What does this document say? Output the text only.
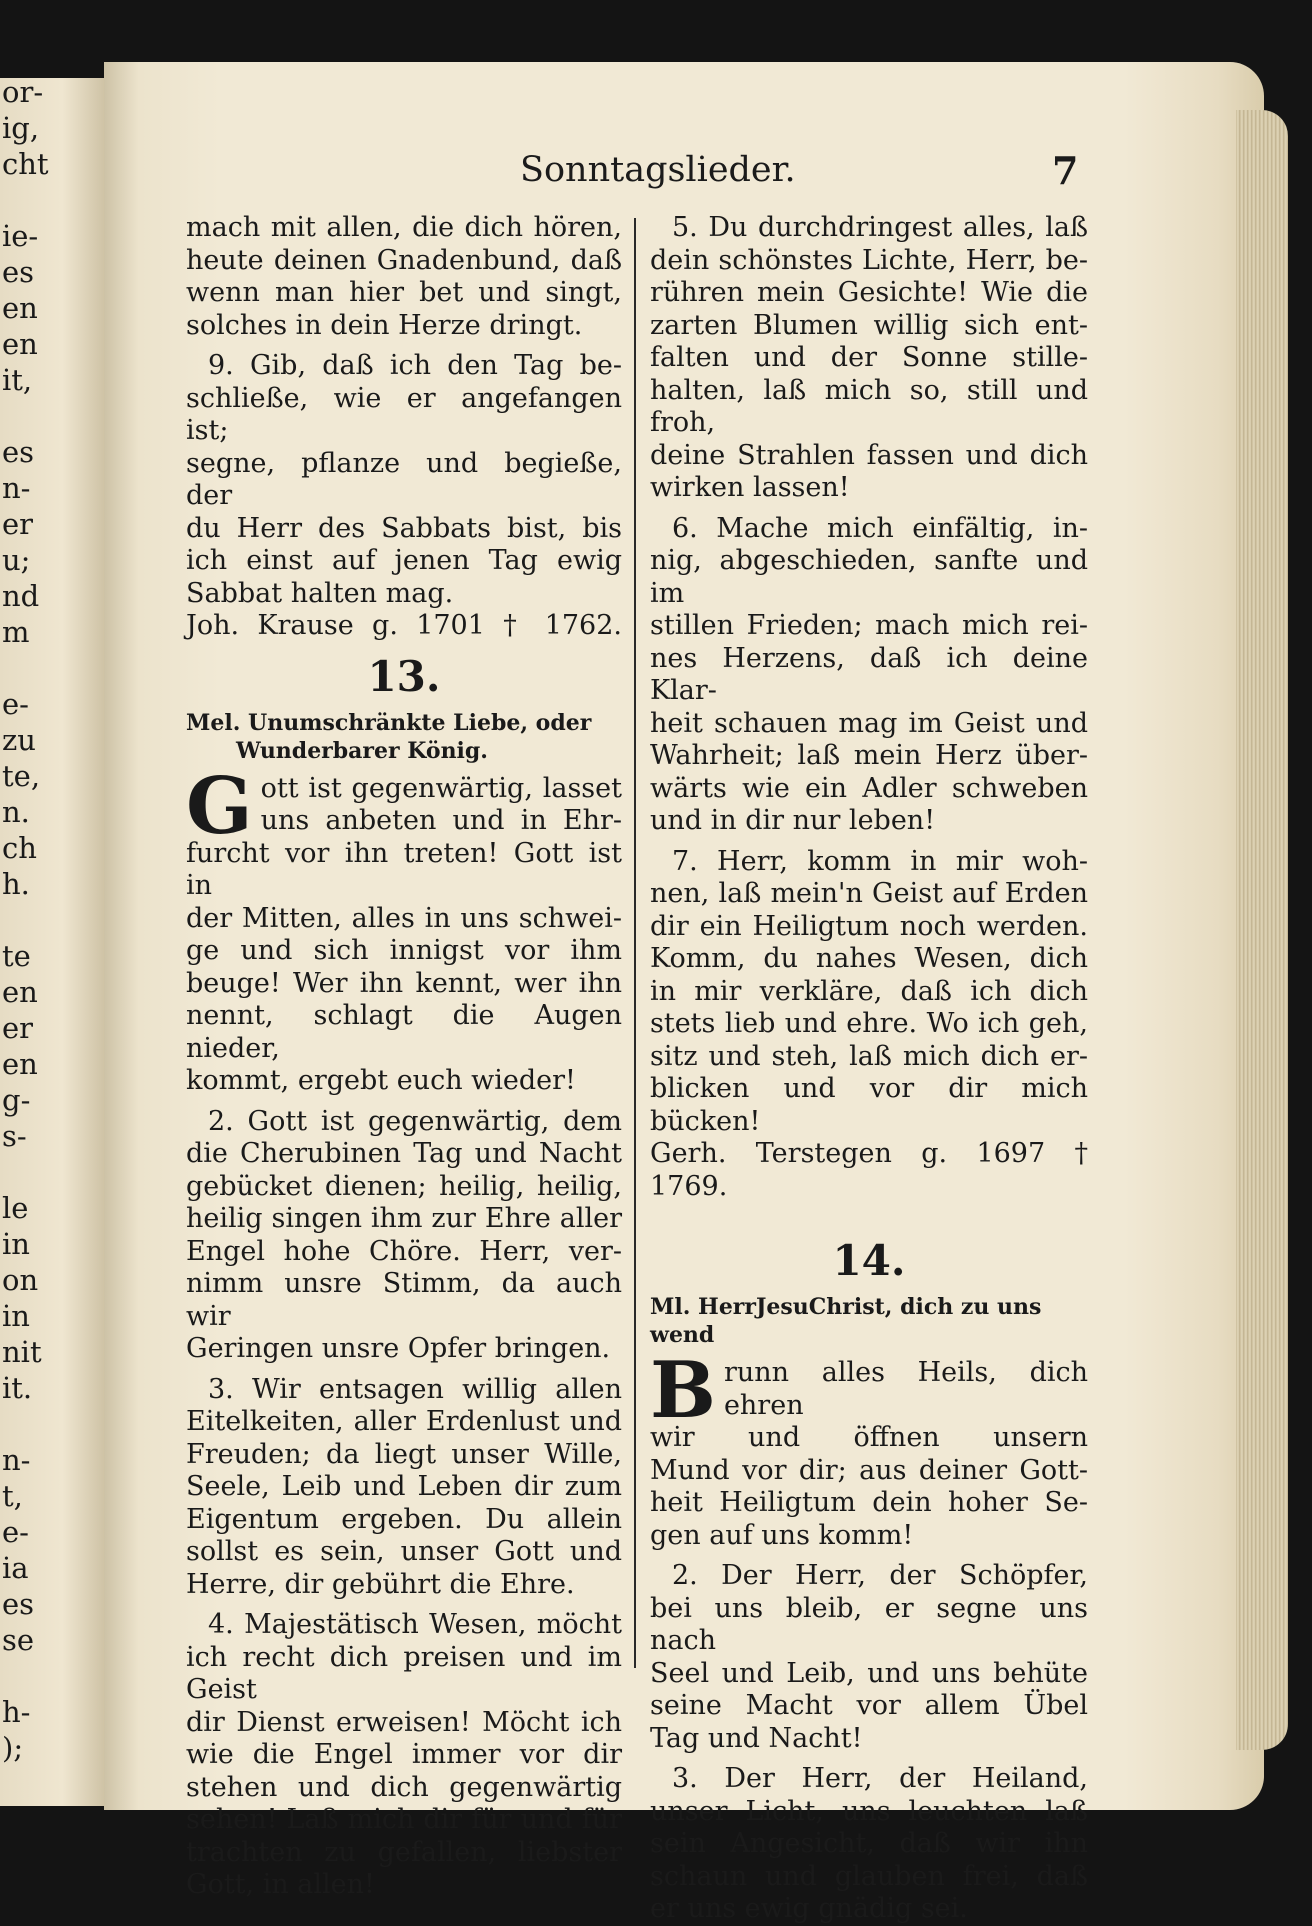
or-
ig,
cht
ie-
es
en
en
it,
es
n-
er
u;
nd
m
e-
zu
te,
n.
ch
h.
te
en
er
en
g-
s-
le
in
on
in
nit
it.
n-
t,
e-
ia
es
se
h-
);
Sonntagslieder.	7

mach mit allen, die dich hören,

heute deinen Gnadenbund, daß

wenn man hier bet und singt,

solches in dein Herze dringt.

9. Gib, daß ich den Tag be-

schließe, wie er angefangen ist;

segne, pflanze und begieße, der

du Herr des Sabbats bist, bis

ich einst auf jenen Tag ewig

Sabbat halten mag.

Joh. Krause g. 1701 † 1762.

13.
Mel. Unumschränkte Liebe, oder
Wunderbarer König.
G ott ist gegenwärtig, lasset

uns anbeten und in Ehr-

furcht vor ihn treten! Gott ist in

der Mitten, alles in uns schwei-

ge und sich innigst vor ihm

beuge! Wer ihn kennt, wer ihn

nennt, schlagt die Augen nieder,

kommt, ergebt euch wieder!

2. Gott ist gegenwärtig, dem

die Cherubinen Tag und Nacht

gebücket dienen; heilig, heilig,

heilig singen ihm zur Ehre aller

Engel hohe Chöre. Herr, ver-

nimm unsre Stimm, da auch wir

Geringen unsre Opfer bringen.

3. Wir entsagen willig allen

Eitelkeiten, aller Erdenlust und

Freuden; da liegt unser Wille,

Seele, Leib und Leben dir zum

Eigentum ergeben. Du allein

sollst es sein, unser Gott und

Herre, dir gebührt die Ehre.

4. Majestätisch Wesen, möcht

ich recht dich preisen und im Geist

dir Dienst erweisen! Möcht ich

wie die Engel immer vor dir

stehen und dich gegenwärtig

sehen! Laß mich dir für und für

trachten zu gefallen, liebster

Gott, in allen!

5. Du durchdringest alles, laß

dein schönstes Lichte, Herr, be-

rühren mein Gesichte! Wie die

zarten Blumen willig sich ent-

falten und der Sonne stille-

halten, laß mich so, still und froh,

deine Strahlen fassen und dich

wirken lassen!

6. Mache mich einfältig, in-

nig, abgeschieden, sanfte und im

stillen Frieden; mach mich rei-

nes Herzens, daß ich deine Klar-

heit schauen mag im Geist und

Wahrheit; laß mein Herz über-

wärts wie ein Adler schweben

und in dir nur leben!

7. Herr, komm in mir woh-

nen, laß mein'n Geist auf Erden

dir ein Heiligtum noch werden.

Komm, du nahes Wesen, dich

in mir verkläre, daß ich dich

stets lieb und ehre. Wo ich geh,

sitz und steh, laß mich dich er-

blicken und vor dir mich bücken!

Gerh. Terstegen g. 1697 † 1769.

14.
Ml. HerrJesuChrist, dich zu uns wend
B runn alles Heils, dich ehren

wir und öffnen unsern

Mund vor dir; aus deiner Gott-

heit Heiligtum dein hoher Se-

gen auf uns komm!

2. Der Herr, der Schöpfer,

bei uns bleib, er segne uns nach

Seel und Leib, und uns behüte

seine Macht vor allem Übel

Tag und Nacht!

3. Der Herr, der Heiland,

unser Licht, uns leuchten laß

sein Angesicht, daß wir ihn

schaun und glauben frei, daß

er uns ewig gnädig sei.
